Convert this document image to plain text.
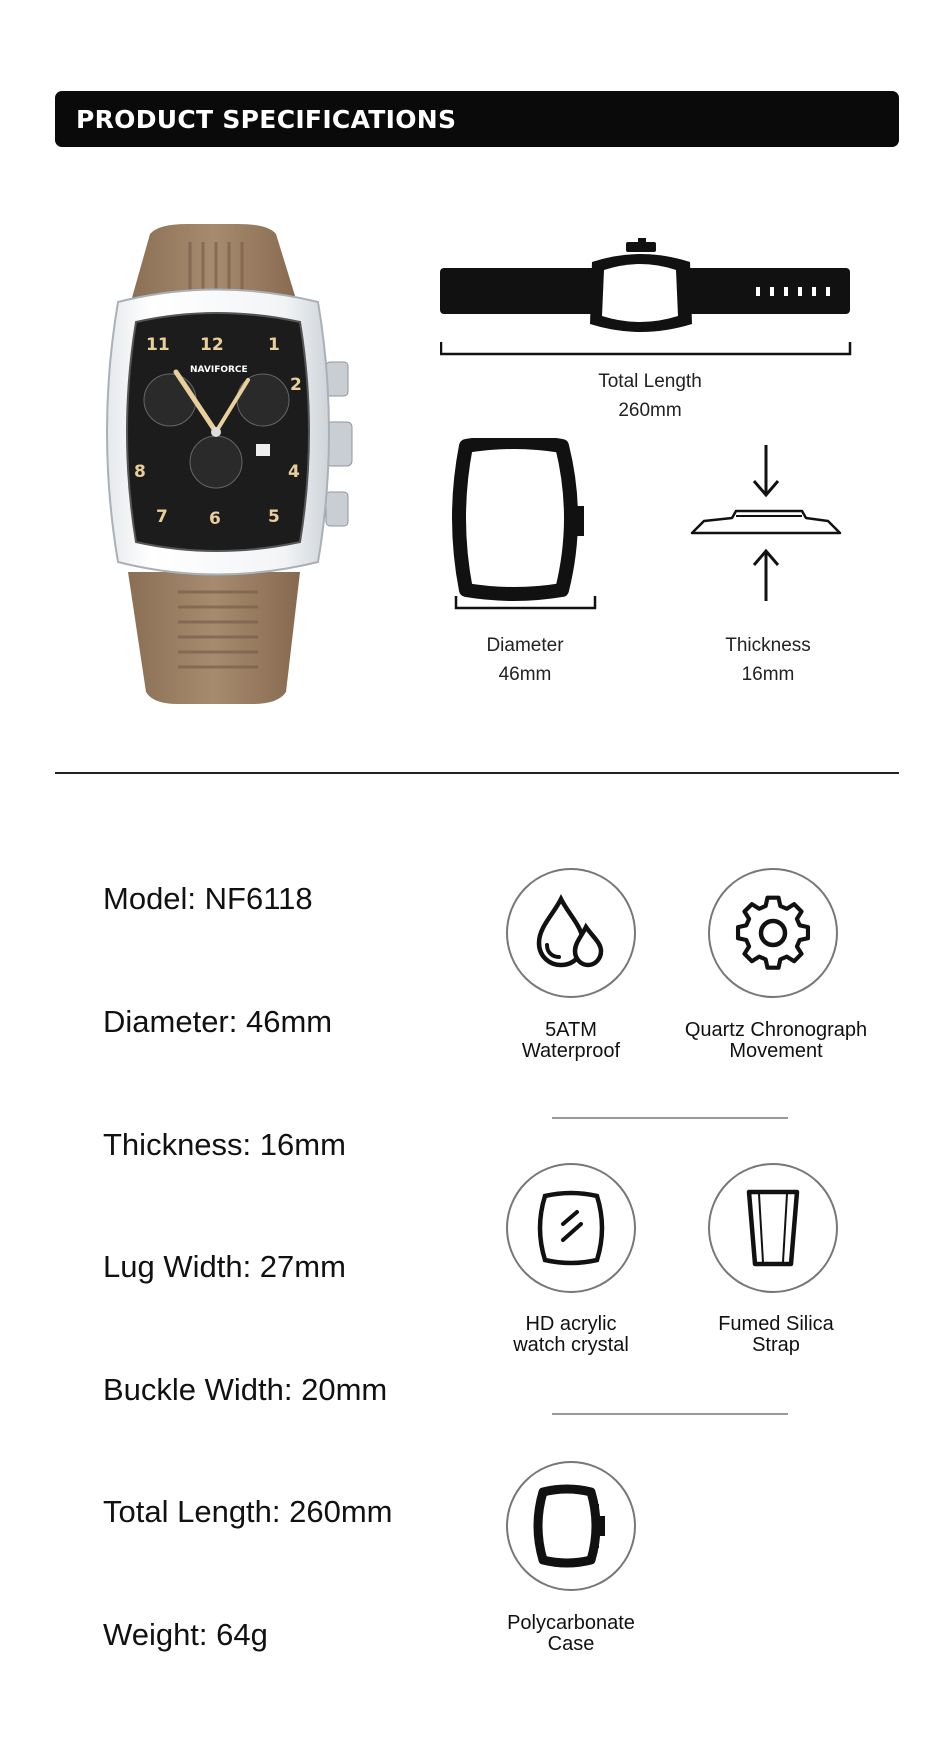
PRODUCT SPECIFICATIONS
11 12	1
2
4
5
6
7
8
NAVIFORCE
Total Length
260mm
Diameter
46mm
Thickness
16mm
Model: NF6118
Diameter: 46mm
Thickness: 16mm
Lug Width: 27mm
Buckle Width: 20mm
Total Length: 260mm
Weight: 64g
5ATM
Waterproof
Quartz Chronograph
Movement
HD acrylic
watch crystal
Fumed Silica
Strap
Polycarbonate
Case
